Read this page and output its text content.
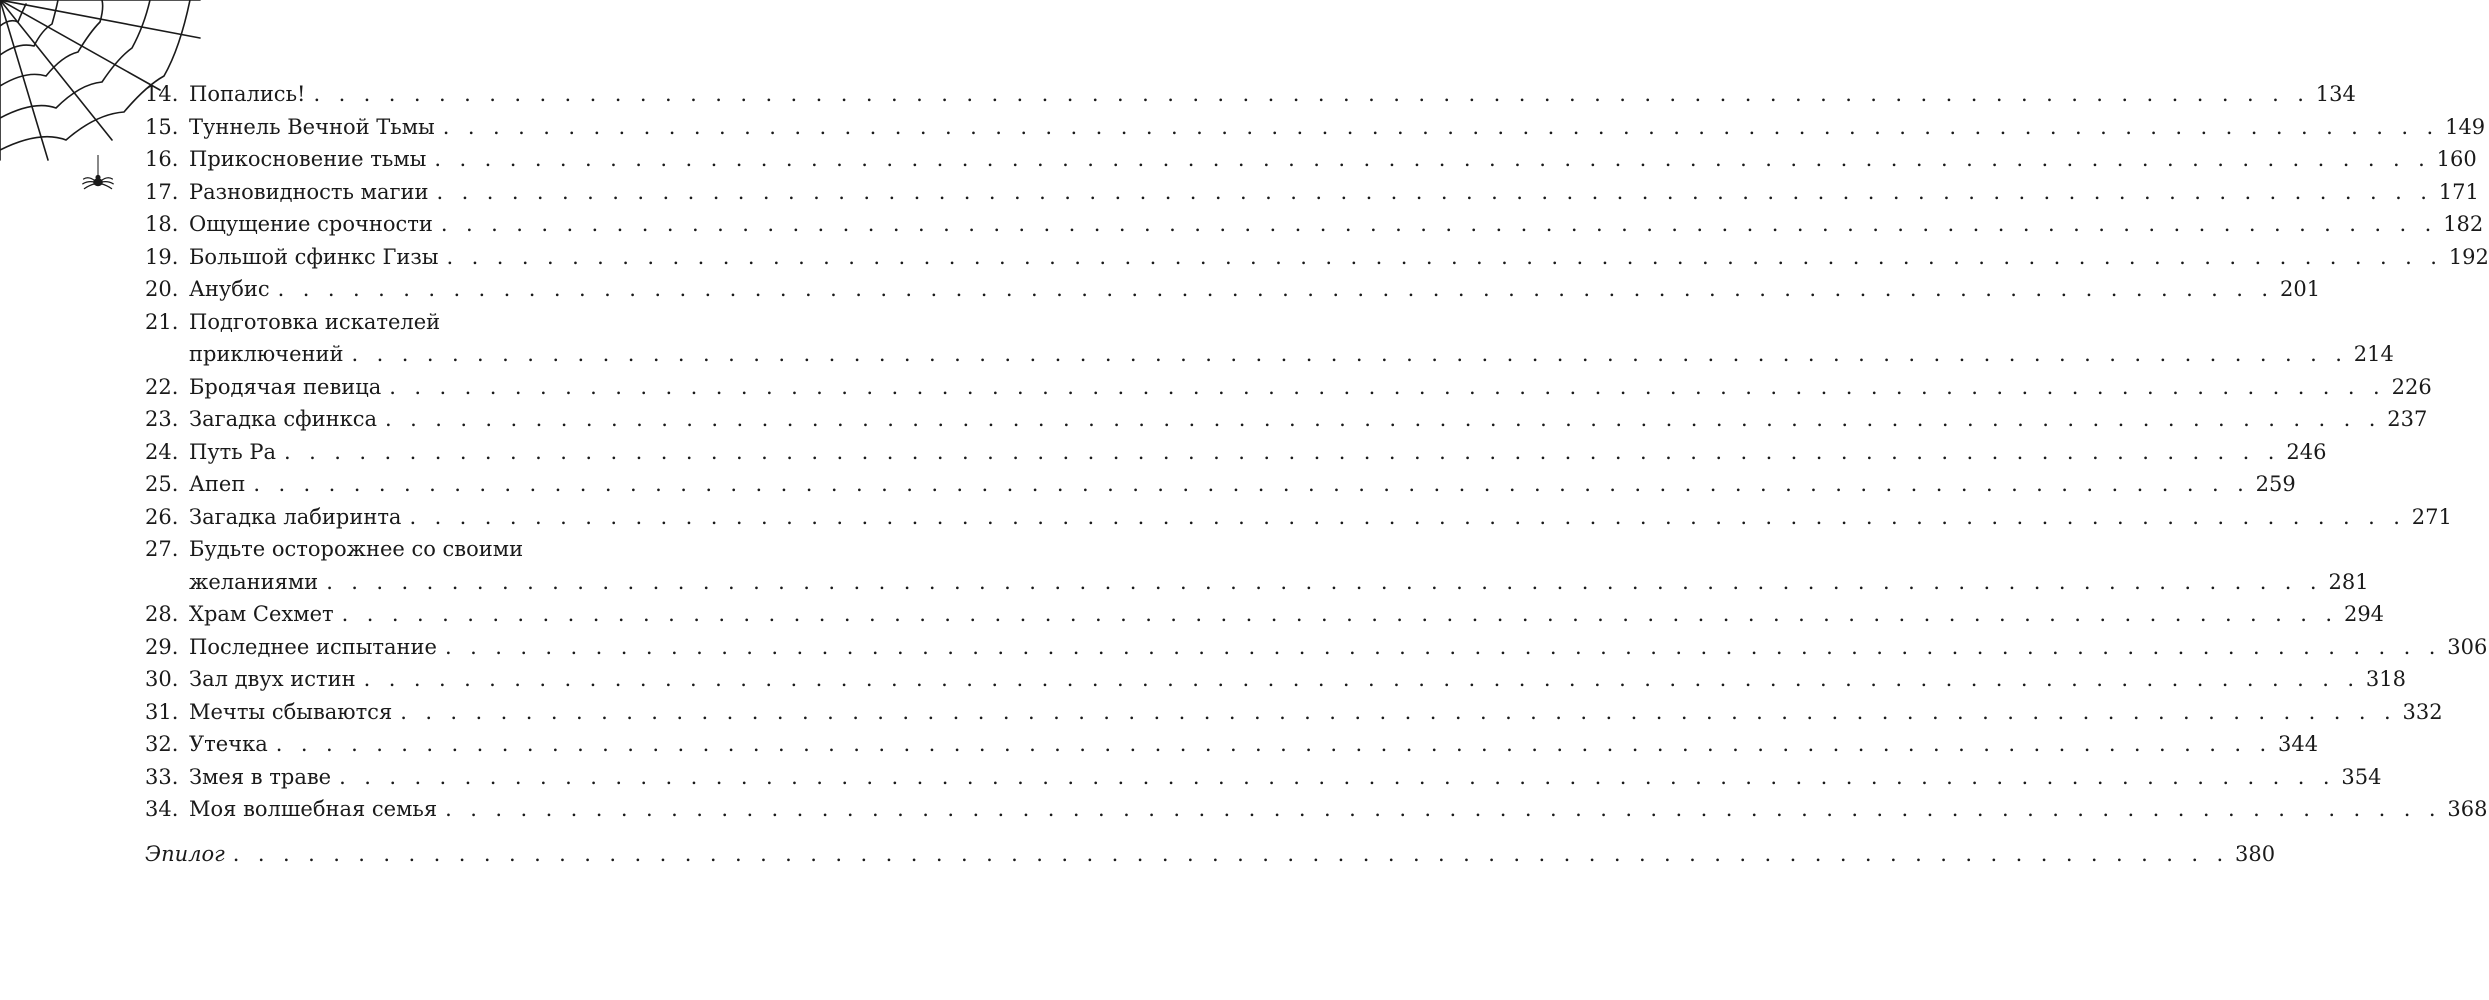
14. Попались! . . . . . . . . . . . . . . . . . . . . . . . . . . . . . . . . . . . . . . . . . . . . . . . . . . . . . . . . . . . . . . . . . . . . . . . . . . . . . . . . 134
15. Туннель Вечной Тьмы . . . . . . . . . . . . . . . . . . . . . . . . . . . . . . . . . . . . . . . . . . . . . . . . . . . . . . . . . . . . . . . . . . . . . . . . . . . . . . . . 149
16. Прикосновение тьмы . . . . . . . . . . . . . . . . . . . . . . . . . . . . . . . . . . . . . . . . . . . . . . . . . . . . . . . . . . . . . . . . . . . . . . . . . . . . . . . . 160
17. Разновидность магии . . . . . . . . . . . . . . . . . . . . . . . . . . . . . . . . . . . . . . . . . . . . . . . . . . . . . . . . . . . . . . . . . . . . . . . . . . . . . . . . 171
18. Ощущение срочности . . . . . . . . . . . . . . . . . . . . . . . . . . . . . . . . . . . . . . . . . . . . . . . . . . . . . . . . . . . . . . . . . . . . . . . . . . . . . . . . 182
19. Большой сфинкс Гизы . . . . . . . . . . . . . . . . . . . . . . . . . . . . . . . . . . . . . . . . . . . . . . . . . . . . . . . . . . . . . . . . . . . . . . . . . . . . . . . . 192
20. Анубис . . . . . . . . . . . . . . . . . . . . . . . . . . . . . . . . . . . . . . . . . . . . . . . . . . . . . . . . . . . . . . . . . . . . . . . . . . . . . . . . 201
21. Подготовка искателей
приключений . . . . . . . . . . . . . . . . . . . . . . . . . . . . . . . . . . . . . . . . . . . . . . . . . . . . . . . . . . . . . . . . . . . . . . . . . . . . . . . . 214
22. Бродячая певица . . . . . . . . . . . . . . . . . . . . . . . . . . . . . . . . . . . . . . . . . . . . . . . . . . . . . . . . . . . . . . . . . . . . . . . . . . . . . . . . 226
23. Загадка сфинкса . . . . . . . . . . . . . . . . . . . . . . . . . . . . . . . . . . . . . . . . . . . . . . . . . . . . . . . . . . . . . . . . . . . . . . . . . . . . . . . . 237
24. Путь Ра . . . . . . . . . . . . . . . . . . . . . . . . . . . . . . . . . . . . . . . . . . . . . . . . . . . . . . . . . . . . . . . . . . . . . . . . . . . . . . . . 246
25. Апеп . . . . . . . . . . . . . . . . . . . . . . . . . . . . . . . . . . . . . . . . . . . . . . . . . . . . . . . . . . . . . . . . . . . . . . . . . . . . . . . . 259
26. Загадка лабиринта . . . . . . . . . . . . . . . . . . . . . . . . . . . . . . . . . . . . . . . . . . . . . . . . . . . . . . . . . . . . . . . . . . . . . . . . . . . . . . . . 271
27. Будьте осторожнее со своими
желаниями . . . . . . . . . . . . . . . . . . . . . . . . . . . . . . . . . . . . . . . . . . . . . . . . . . . . . . . . . . . . . . . . . . . . . . . . . . . . . . . . 281
28. Храм Сехмет . . . . . . . . . . . . . . . . . . . . . . . . . . . . . . . . . . . . . . . . . . . . . . . . . . . . . . . . . . . . . . . . . . . . . . . . . . . . . . . . 294
29. Последнее испытание . . . . . . . . . . . . . . . . . . . . . . . . . . . . . . . . . . . . . . . . . . . . . . . . . . . . . . . . . . . . . . . . . . . . . . . . . . . . . . . . 306
30. Зал двух истин . . . . . . . . . . . . . . . . . . . . . . . . . . . . . . . . . . . . . . . . . . . . . . . . . . . . . . . . . . . . . . . . . . . . . . . . . . . . . . . . 318
31. Мечты сбываются . . . . . . . . . . . . . . . . . . . . . . . . . . . . . . . . . . . . . . . . . . . . . . . . . . . . . . . . . . . . . . . . . . . . . . . . . . . . . . . . 332
32. Утечка . . . . . . . . . . . . . . . . . . . . . . . . . . . . . . . . . . . . . . . . . . . . . . . . . . . . . . . . . . . . . . . . . . . . . . . . . . . . . . . . 344
33. Змея в траве . . . . . . . . . . . . . . . . . . . . . . . . . . . . . . . . . . . . . . . . . . . . . . . . . . . . . . . . . . . . . . . . . . . . . . . . . . . . . . . . 354
34. Моя волшебная семья . . . . . . . . . . . . . . . . . . . . . . . . . . . . . . . . . . . . . . . . . . . . . . . . . . . . . . . . . . . . . . . . . . . . . . . . . . . . . . . . 368
Эпилог . . . . . . . . . . . . . . . . . . . . . . . . . . . . . . . . . . . . . . . . . . . . . . . . . . . . . . . . . . . . . . . . . . . . . . . . . . . . . . . . 380
